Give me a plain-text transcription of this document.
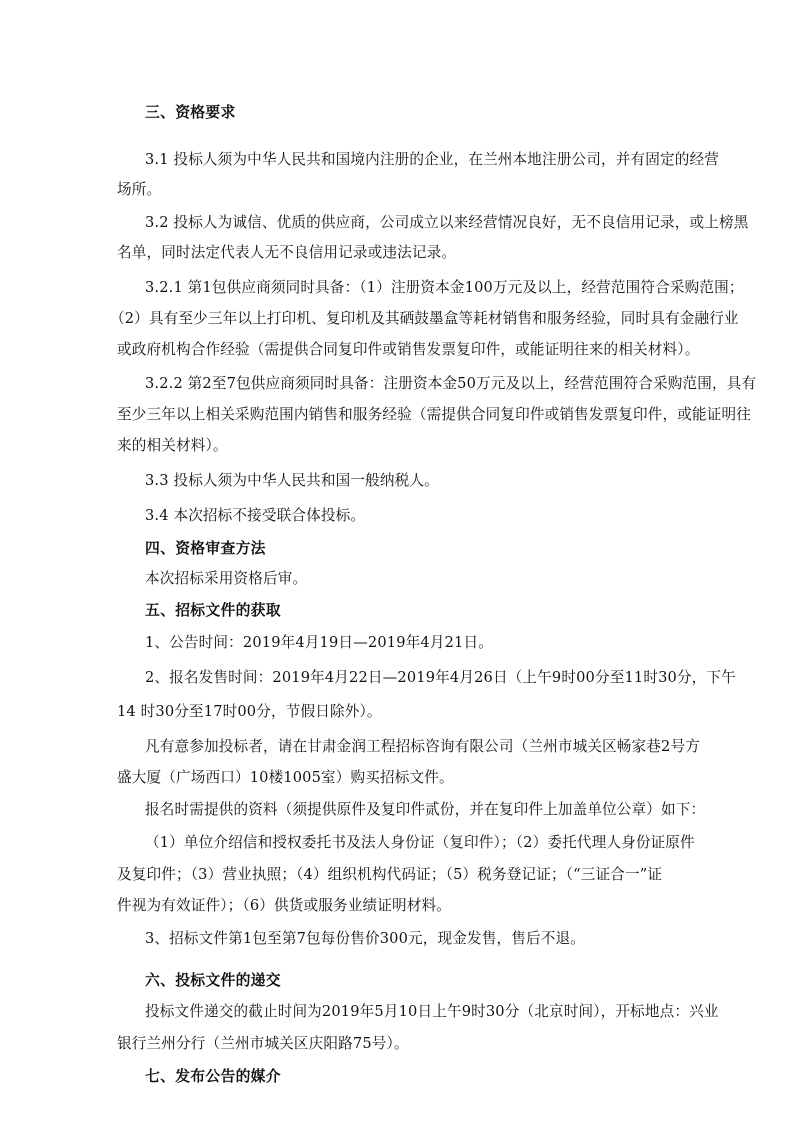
三、资格要求
3.1 投标人须为中华人民共和国境内注册的企业，在兰州本地注册公司，并有固定的经营
场所。
3.2 投标人为诚信、优质的供应商，公司成立以来经营情况良好，无不良信用记录，或上榜黑
名单，同时法定代表人无不良信用记录或违法记录。
3.2.1 第1包供应商须同时具备：（1）注册资本金100万元及以上，经营范围符合采购范围；
（2）具有至少三年以上打印机、复印机及其硒鼓墨盒等耗材销售和服务经验，同时具有金融行业
或政府机构合作经验（需提供合同复印件或销售发票复印件，或能证明往来的相关材料）。
3.2.2 第2至7包供应商须同时具备：注册资本金50万元及以上，经营范围符合采购范围，具有
至少三年以上相关采购范围内销售和服务经验（需提供合同复印件或销售发票复印件，或能证明往
来的相关材料）。
3.3 投标人须为中华人民共和国一般纳税人。
3.4 本次招标不接受联合体投标。
四、资格审查方法
本次招标采用资格后审。
五、招标文件的获取
1、公告时间：2019年4月19日—2019年4月21日。
2、报名发售时间：2019年4月22日—2019年4月26日（上午9时00分至11时30分，下午
14 时30分至17时00分，节假日除外）。
凡有意参加投标者，请在甘肃金润工程招标咨询有限公司（兰州市城关区畅家巷2号方
盛大厦（广场西口）10楼1005室）购买招标文件。
报名时需提供的资料（须提供原件及复印件贰份，并在复印件上加盖单位公章）如下：
（1）单位介绍信和授权委托书及法人身份证（复印件）；（2）委托代理人身份证原件
及复印件；（3）营业执照；（4）组织机构代码证；（5）税务登记证；（“三证合一”证
件视为有效证件）；（6）供货或服务业绩证明材料。
3、招标文件第1包至第7包每份售价300元，现金发售，售后不退。
六、投标文件的递交
投标文件递交的截止时间为2019年5月10日上午9时30分（北京时间），开标地点：兴业
银行兰州分行（兰州市城关区庆阳路75号）。
七、发布公告的媒介
